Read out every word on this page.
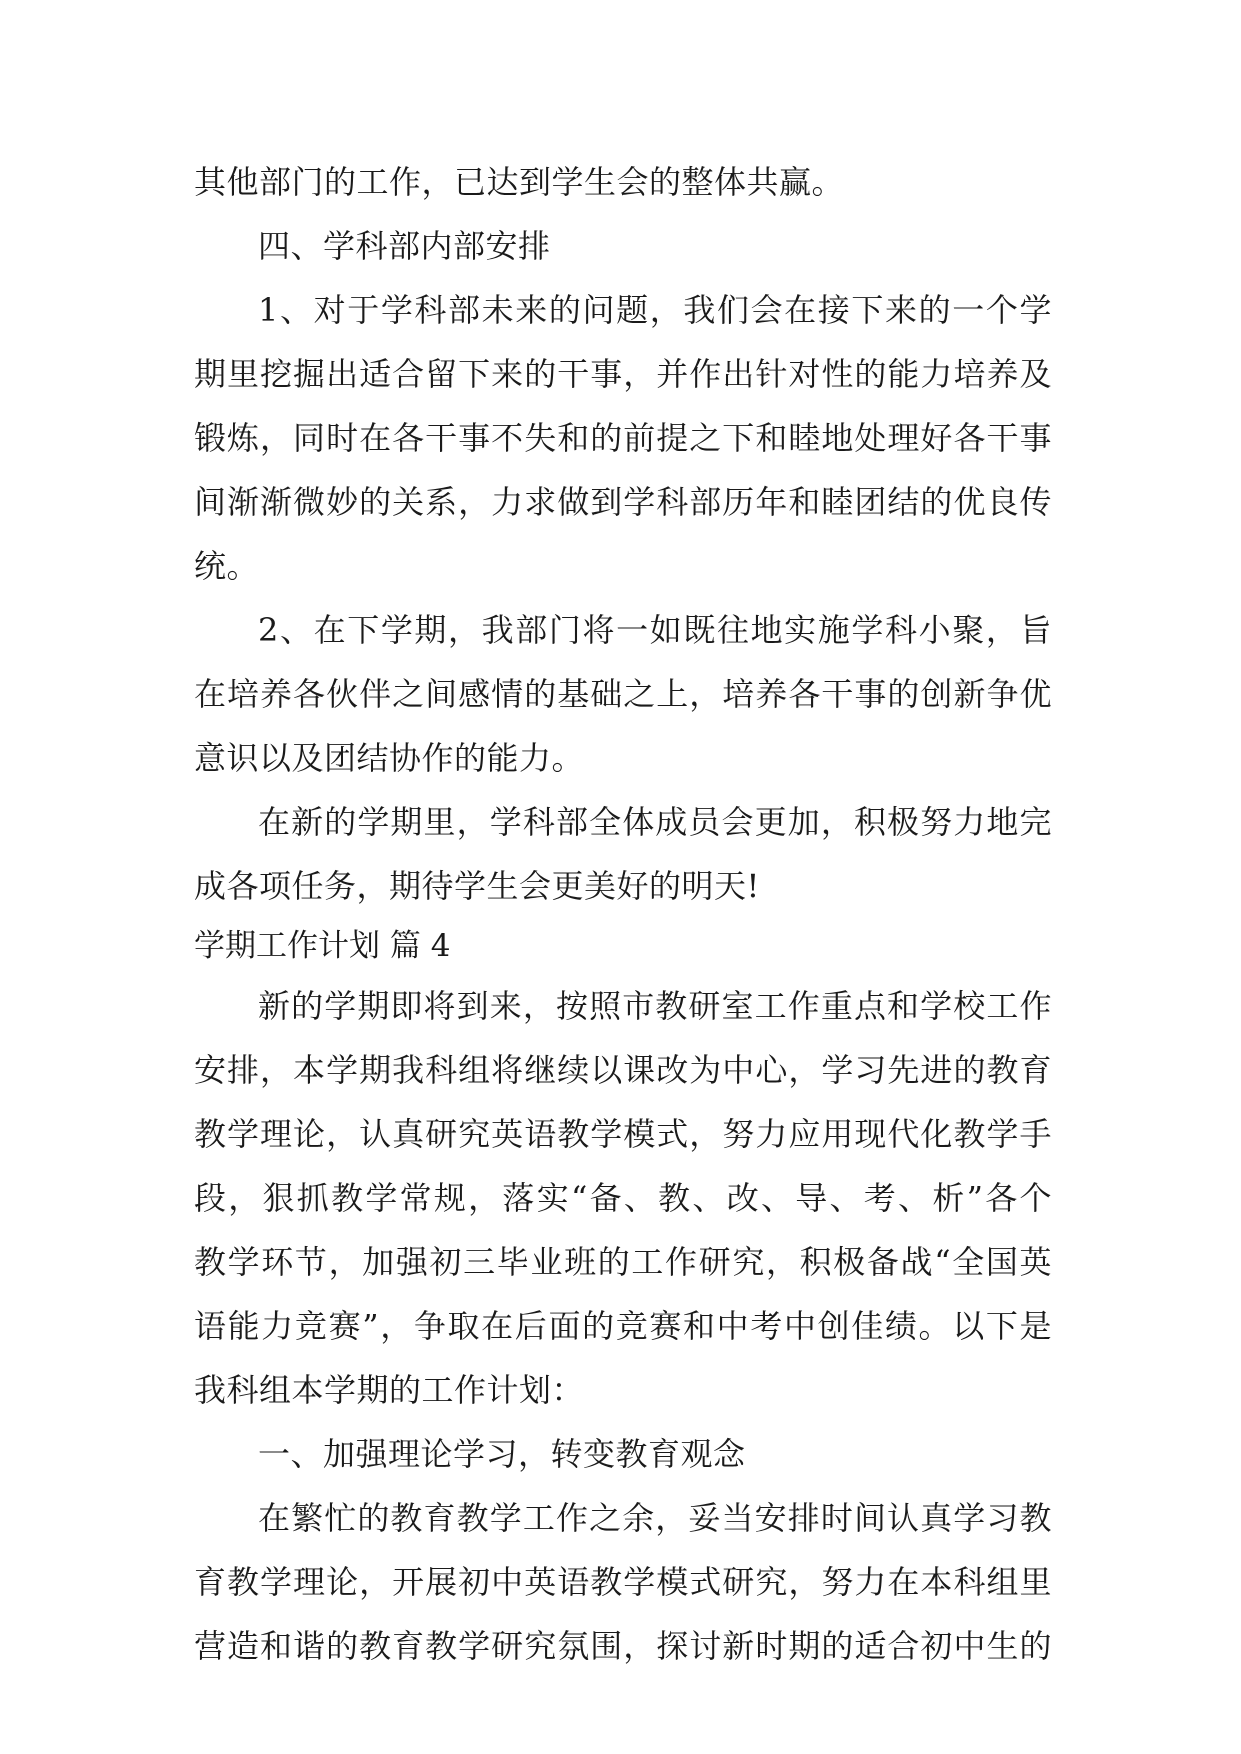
其他部门的工作，已达到学生会的整体共赢。
四、学科部内部安排
1、对于学科部未来的问题，我们会在接下来的一个学
期里挖掘出适合留下来的干事，并作出针对性的能力培养及
锻炼，同时在各干事不失和的前提之下和睦地处理好各干事
间渐渐微妙的关系，力求做到学科部历年和睦团结的优良传
统。
2、在下学期，我部门将一如既往地实施学科小聚，旨
在培养各伙伴之间感情的基础之上，培养各干事的创新争优
意识以及团结协作的能力。
在新的学期里，学科部全体成员会更加，积极努力地完
成各项任务，期待学生会更美好的明天!
学期工作计划 篇 4
新的学期即将到来，按照市教研室工作重点和学校工作
安排，本学期我科组将继续以课改为中心，学习先进的教育
教学理论，认真研究英语教学模式，努力应用现代化教学手
段，狠抓教学常规，落实“备、教、改、导、考、析”各个
教学环节，加强初三毕业班的工作研究，积极备战“全国英
语能力竞赛”，争取在后面的竞赛和中考中创佳绩。以下是
我科组本学期的工作计划：
一、加强理论学习，转变教育观念
在繁忙的教育教学工作之余，妥当安排时间认真学习教
育教学理论，开展初中英语教学模式研究，努力在本科组里
营造和谐的教育教学研究氛围，探讨新时期的适合初中生的
